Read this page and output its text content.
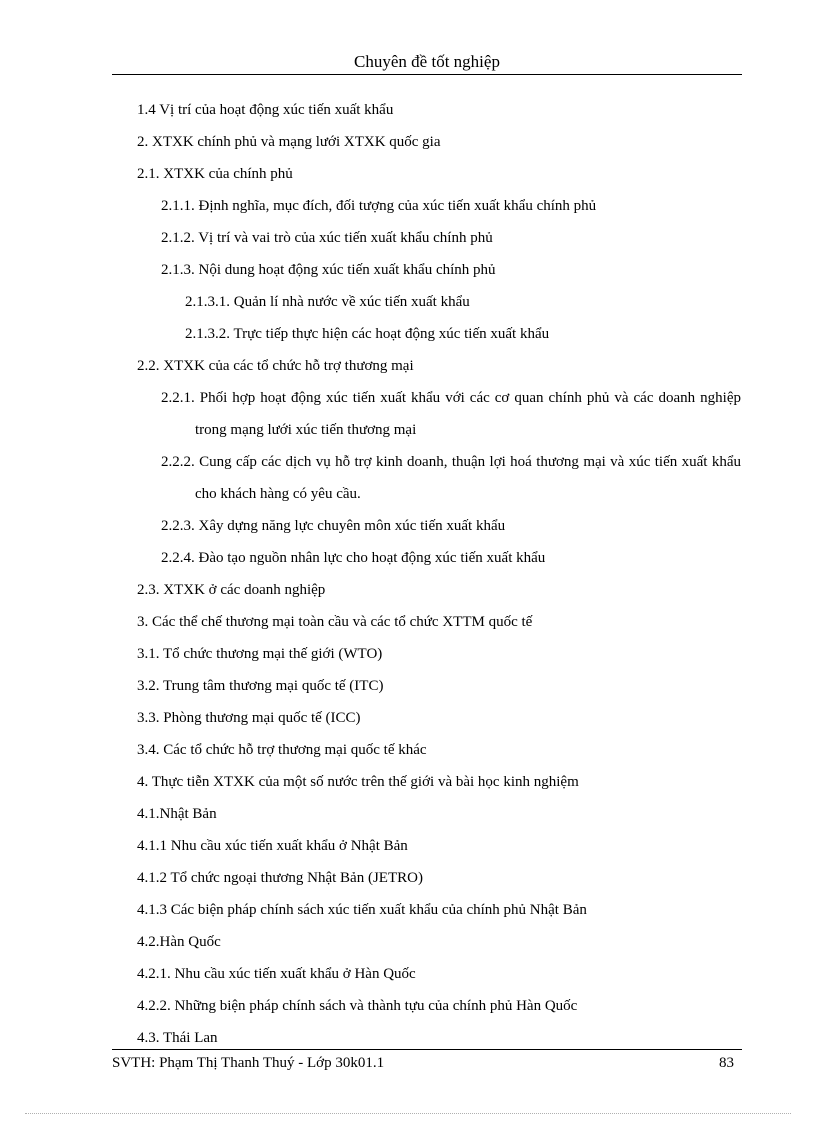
Chuyên đề tốt nghiệp
1.4 Vị trí của hoạt động xúc tiến xuất khẩu
2. XTXK chính phủ và mạng lưới XTXK quốc gia
2.1. XTXK của chính phủ
2.1.1. Định nghĩa, mục đích, đối tượng của xúc tiến xuất khẩu chính phủ
2.1.2. Vị trí và vai trò của xúc tiến xuất khẩu chính phủ
2.1.3. Nội dung hoạt động xúc tiến xuất khẩu chính phủ
2.1.3.1. Quản lí nhà nước về xúc tiến xuất khẩu
2.1.3.2. Trực tiếp thực hiện các hoạt động xúc tiến xuất khẩu
2.2. XTXK của các tổ chức hỗ trợ thương mại
2.2.1. Phối hợp hoạt động xúc tiến xuất khẩu với các cơ quan chính phủ và các doanh nghiệp trong mạng lưới xúc tiến thương mại
2.2.2. Cung cấp các dịch vụ hỗ trợ kinh doanh, thuận lợi hoá thương mại và xúc tiến xuất khẩu cho khách hàng có yêu cầu.
2.2.3. Xây dựng năng lực chuyên môn xúc tiến xuất khẩu
2.2.4. Đào tạo nguồn nhân lực cho hoạt động xúc tiến xuất khẩu
2.3. XTXK ở các doanh nghiệp
3. Các thể chế thương mại toàn cầu và các tổ chức XTTM quốc tế
3.1. Tổ chức thương mại thế giới (WTO)
3.2. Trung tâm thương mại quốc tế (ITC)
3.3. Phòng thương mại quốc tế (ICC)
3.4. Các tổ chức hỗ trợ thương mại quốc tế khác
4. Thực tiễn XTXK của một số nước trên thế giới và bài học kinh nghiệm
4.1.Nhật Bản
4.1.1 Nhu cầu xúc tiến xuất khẩu ở Nhật Bản
4.1.2 Tổ chức ngoại thương Nhật Bản (JETRO)
4.1.3 Các biện pháp chính sách xúc tiến xuất khẩu của chính phủ Nhật Bản
4.2.Hàn Quốc
4.2.1. Nhu cầu xúc tiến xuất khẩu ở Hàn Quốc
4.2.2. Những biện pháp chính sách và thành tựu của chính phủ Hàn Quốc
4.3. Thái Lan
SVTH: Phạm Thị Thanh Thuý - Lớp 30k01.1	83
